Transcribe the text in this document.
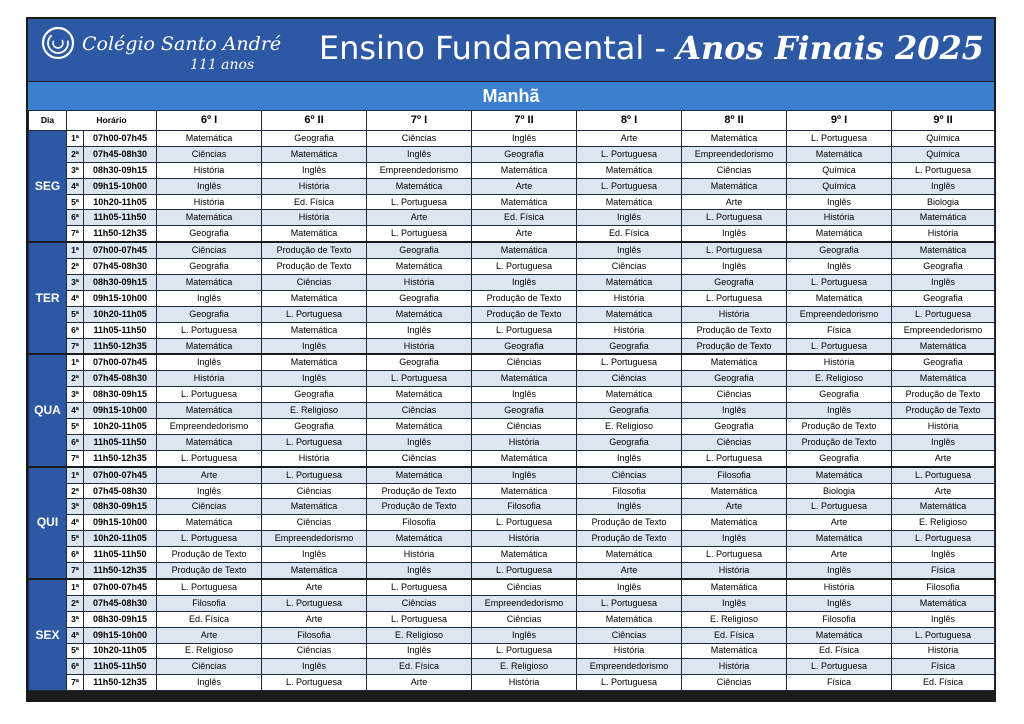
Colégio Santo André
111 anos Ensino Fundamental - Anos Finais 2025
Manhã
Dia	Horário		6º I	6º II	7º I	7º II	8º I	8º II	9º I	9º II
SEG	1ª	07h00-07h45	Matemática	Geografia	Ciências	Inglês	Arte	Matemática	L. Portuguesa	Química
	2ª	07h45-08h30	Ciências	Matemática	Inglês	Geografia	L. Portuguesa	Empreendedorismo	Matemática	Química
	3ª	08h30-09h15	História	Inglês	Empreendedorismo	Matemática	Matemática	Ciências	Química	L. Portuguesa
	4ª	09h15-10h00	Inglês	História	Matemática	Arte	L. Portuguesa	Matemática	Química	Inglês
	5ª	10h20-11h05	História	Ed. Física	L. Portuguesa	Matemática	Matemática	Arte	Inglês	Biologia
	6ª	11h05-11h50	Matemática	História	Arte	Ed. Física	Inglês	L. Portuguesa	História	Matemática
	7ª	11h50-12h35	Geografia	Matemática	L. Portuguesa	Arte	Ed. Física	Inglês	Matemática	História
TER	1ª	07h00-07h45	Ciências	Produção de Texto	Geografia	Matemática	Inglês	L. Portuguesa	Geografia	Matemática
	2ª	07h45-08h30	Geografia	Produção de Texto	Matemática	L. Portuguesa	Ciências	Inglês	Inglês	Geografia
	3ª	08h30-09h15	Matemática	Ciências	História	Inglês	Matemática	Geografia	L. Portuguesa	Inglês
	4ª	09h15-10h00	Inglês	Matemática	Geografia	Produção de Texto	História	L. Portuguesa	Matemática	Geografia
	5ª	10h20-11h05	Geografia	L. Portuguesa	Matemática	Produção de Texto	Matemática	História	Empreendedorismo	L. Portuguesa
	6ª	11h05-11h50	L. Portuguesa	Matemática	Inglês	L. Portuguesa	História	Produção de Texto	Física	Empreendedorismo
	7ª	11h50-12h35	Matemática	Inglês	História	Geografia	Geografia	Produção de Texto	L. Portuguesa	Matemática
QUA	1ª	07h00-07h45	Inglês	Matemática	Geografia	Ciências	L. Portuguesa	Matemática	História	Geografia
	2ª	07h45-08h30	História	Inglês	L. Portuguesa	Matemática	Ciências	Geografia	E. Religioso	Matemática
	3ª	08h30-09h15	L. Portuguesa	Geografia	Matemática	Inglês	Matemática	Ciências	Geografia	Produção de Texto
	4ª	09h15-10h00	Matemática	E. Religioso	Ciências	Geografia	Geografia	Inglês	Inglês	Produção de Texto
	5ª	10h20-11h05	Empreendedorismo	Geografia	Matemática	Ciências	E. Religioso	Geografia	Produção de Texto	História
	6ª	11h05-11h50	Matemática	L. Portuguesa	Inglês	História	Geografia	Ciências	Produção de Texto	Inglês
	7ª	11h50-12h35	L. Portuguesa	História	Ciências	Matemática	Inglês	L. Portuguesa	Geografia	Arte
QUI	1ª	07h00-07h45	Arte	L. Portuguesa	Matemática	Inglês	Ciências	Filosofia	Matemática	L. Portuguesa
	2ª	07h45-08h30	Inglês	Ciências	Produção de Texto	Matemática	Filosofia	Matemática	Biologia	Arte
	3ª	08h30-09h15	Ciências	Matemática	Produção de Texto	Filosofia	Inglês	Arte	L. Portuguesa	Matemática
	4ª	09h15-10h00	Matemática	Ciências	Filosofia	L. Portuguesa	Produção de Texto	Matemática	Arte	E. Religioso
	5ª	10h20-11h05	L. Portuguesa	Empreendedorismo	Matemática	História	Produção de Texto	Inglês	Matemática	L. Portuguesa
	6ª	11h05-11h50	Produção de Texto	Inglês	História	Matemática	Matemática	L. Portuguesa	Arte	Inglês
	7ª	11h50-12h35	Produção de Texto	Matemática	Inglês	L. Portuguesa	Arte	História	Inglês	Física
SEX	1ª	07h00-07h45	L. Portuguesa	Arte	L. Portuguesa	Ciências	Inglês	Matemática	História	Filosofia
	2ª	07h45-08h30	Filosofia	L. Portuguesa	Ciências	Empreendedorismo	L. Portuguesa	Inglês	Inglês	Matemática
	3ª	08h30-09h15	Ed. Física	Arte	L. Portuguesa	Ciências	Matemática	E. Religioso	Filosofia	Inglês
	4ª	09h15-10h00	Arte	Filosofia	E. Religioso	Inglês	Ciências	Ed. Física	Matemática	L. Portuguesa
	5ª	10h20-11h05	E. Religioso	Ciências	Inglês	L. Portuguesa	História	Matemática	Ed. Física	História
	6ª	11h05-11h50	Ciências	Inglês	Ed. Física	E. Religioso	Empreendedorismo	História	L. Portuguesa	Física
	7ª	11h50-12h35	Inglês	L. Portuguesa	Arte	História	L. Portuguesa	Ciências	Física	Ed. Física
